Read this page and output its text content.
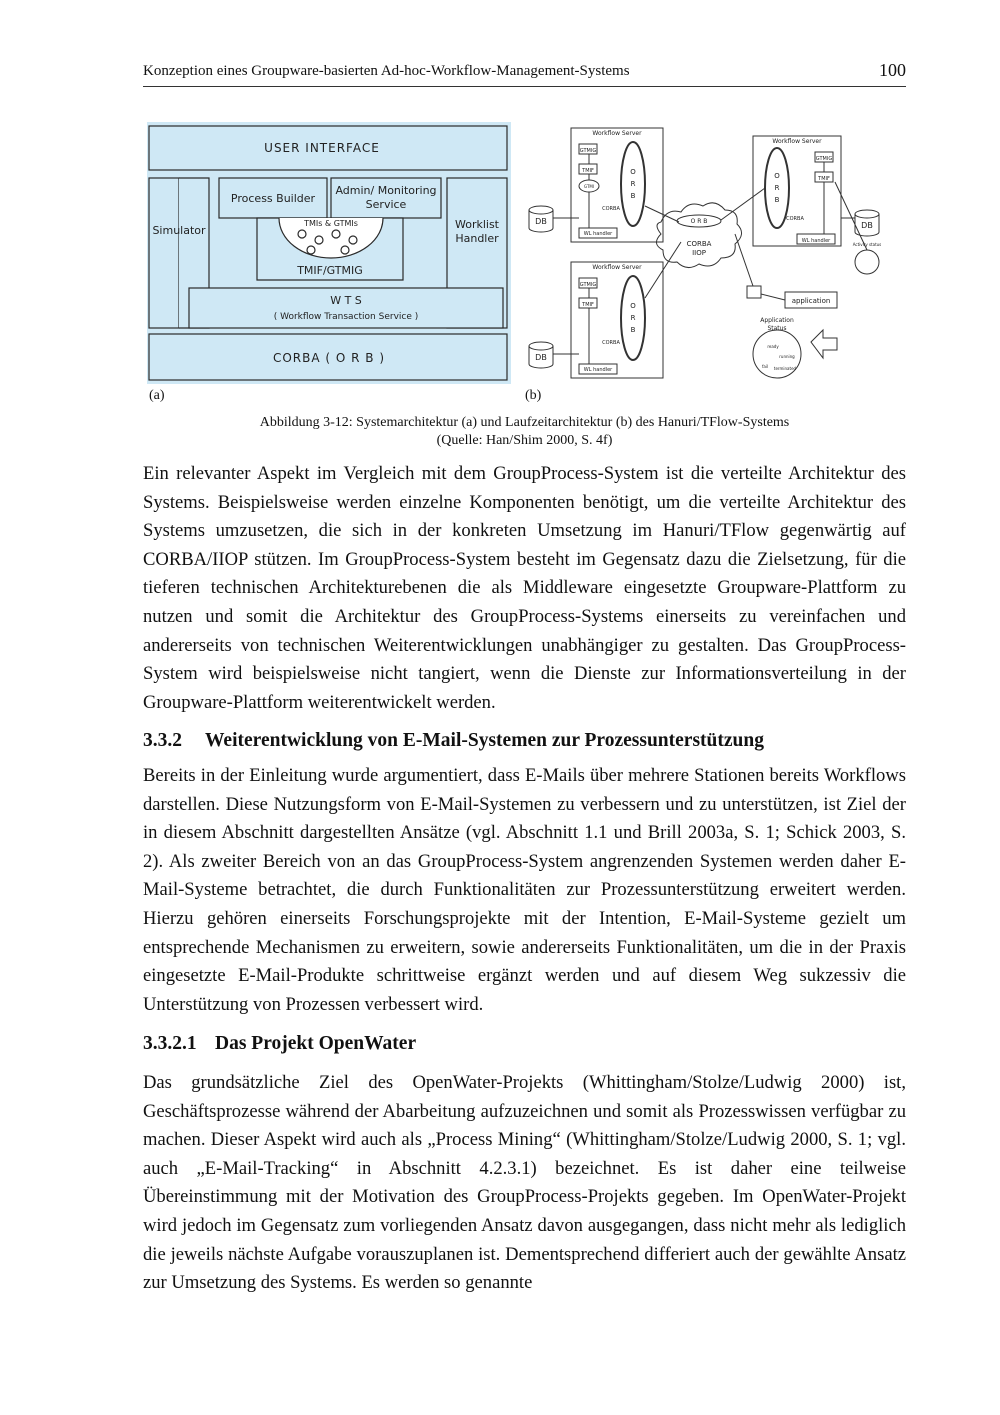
Konzeption eines Groupware-basierten Ad-hoc-Workflow-Management-Systems	100
USER INTERFACE
Simulator
Process Builder
Admin/ Monitoring
Service
TMIs & GTMIs
TMIF/GTMIG
Worklist
Handler
W T S
( Workflow Transaction Service )
CORBA ( O R B )
Workflow Server
Workflow Server
Workflow Server
GTMIG
TMIF
GTMI
CORBA
WL handler
GTMIG
TMIF
CORBA
WL handler
GTMIG
TMIF
CORBA
WL handler
DB
DB
DB
O
R
B
O
R
B
O
R
B
O R B
CORBA
IIOP
application
Application
Status
Activity status
ready
running
terminated
fail
(a)	(b)
Abbildung 3-12: Systemarchitektur (a) und Laufzeitarchitektur (b) des Hanuri/TFlow-Systems
(Quelle: Han/Shim 2000, S. 4f)

Ein relevanter Aspekt im Vergleich mit dem GroupProcess-System ist die verteilte Architektur des Systems. Beispielsweise werden einzelne Komponenten benötigt, um die verteilte Architektur des Systems umzusetzen, die sich in der konkreten Umsetzung im Hanuri/TFlow gegenwärtig auf CORBA/IIOP stützen. Im GroupProcess-System besteht im Gegensatz dazu die Zielsetzung, für die tieferen technischen Architekturebenen die als Middleware eingesetzte Groupware-Plattform zu nutzen und somit die Architektur des GroupProcess-Systems einerseits zu vereinfachen und andererseits von technischen Weiterentwicklungen unabhängiger zu gestalten. Das GroupProcess-System wird beispielsweise nicht tangiert, wenn die Dienste zur Informationsverteilung in der Groupware-Plattform weiterentwickelt werden.

3.3.2 Weiterentwicklung von E-Mail-Systemen zur Prozessunterstützung

Bereits in der Einleitung wurde argumentiert, dass E-Mails über mehrere Stationen bereits Workflows darstellen. Diese Nutzungsform von E-Mail-Systemen zu verbessern und zu unterstützen, ist Ziel der in diesem Abschnitt dargestellten Ansätze (vgl. Abschnitt 1.1 und Brill 2003a, S. 1; Schick 2003, S. 2). Als zweiter Bereich von an das GroupProcess-System angrenzenden Systemen werden daher E-Mail-Systeme betrachtet, die durch Funktionalitäten zur Prozessunterstützung erweitert werden. Hierzu gehören einerseits Forschungsprojekte mit der Intention, E-Mail-Systeme gezielt um entsprechende Mechanismen zu erweitern, sowie andererseits Funktionalitäten, um die in der Praxis eingesetzte E-Mail-Produkte schrittweise ergänzt werden und auf diesem Weg sukzessiv die Unterstützung von Prozessen verbessert wird.

3.3.2.1 Das Projekt OpenWater

Das grundsätzliche Ziel des OpenWater-Projekts (Whittingham/Stolze/Ludwig 2000) ist, Geschäftsprozesse während der Abarbeitung aufzuzeichnen und somit als Prozesswissen verfügbar zu machen. Dieser Aspekt wird auch als „Process Mining“ (Whittingham/Stolze/Ludwig 2000, S. 1; vgl. auch „E-Mail-Tracking“ in Abschnitt 4.2.3.1) bezeichnet. Es ist daher eine teilweise Übereinstimmung mit der Motivation des GroupProcess-Projekts gegeben. Im OpenWater-Projekt wird jedoch im Gegensatz zum vorliegenden Ansatz davon ausgegangen, dass nicht mehr als lediglich die jeweils nächste Aufgabe vorauszuplanen ist. Dementsprechend differiert auch der gewählte Ansatz zur Umsetzung des Systems. Es werden so genannte
